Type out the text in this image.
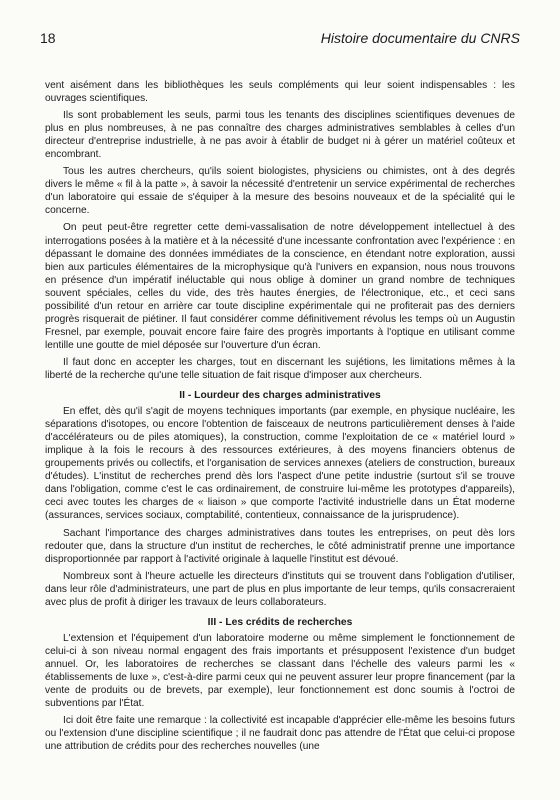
18	Histoire documentaire du CNRS

vent aisément dans les bibliothèques les seuls compléments qui leur soient indispensables : les ouvrages scientifiques.

Ils sont probablement les seuls, parmi tous les tenants des disciplines scientifiques devenues de plus en plus nombreuses, à ne pas connaître des charges administratives semblables à celles d'un directeur d'entreprise industrielle, à ne pas avoir à établir de budget ni à gérer un matériel coûteux et encombrant.

Tous les autres chercheurs, qu'ils soient biologistes, physiciens ou chimistes, ont à des degrés divers le même « fil à la patte », à savoir la nécessité d'entretenir un service expérimental de recherches d'un laboratoire qui essaie de s'équiper à la mesure des besoins nouveaux et de la spécialité qui le concerne.

On peut peut-être regretter cette demi-vassalisation de notre développement intellectuel à des interrogations posées à la matière et à la nécessité d'une incessante confrontation avec l'expérience : en dépassant le domaine des données immédiates de la conscience, en étendant notre exploration, aussi bien aux particules élémentaires de la microphysique qu'à l'univers en expansion, nous nous trouvons en présence d'un impératif inéluctable qui nous oblige à dominer un grand nombre de techniques souvent spéciales, celles du vide, des très hautes énergies, de l'électronique, etc., et ceci sans possibilité d'un retour en arrière car toute discipline expérimentale qui ne profiterait pas des derniers progrès risquerait de piétiner. Il faut considérer comme définitivement révolus les temps où un Augustin Fresnel, par exemple, pouvait encore faire faire des progrès importants à l'optique en utilisant comme lentille une goutte de miel déposée sur l'ouverture d'un écran.

Il faut donc en accepter les charges, tout en discernant les sujétions, les limitations mêmes à la liberté de la recherche qu'une telle situation de fait risque d'imposer aux chercheurs.

II - Lourdeur des charges administratives

En effet, dès qu'il s'agit de moyens techniques importants (par exemple, en physique nucléaire, les séparations d'isotopes, ou encore l'obtention de faisceaux de neutrons particulièrement denses à l'aide d'accélérateurs ou de piles atomiques), la construction, comme l'exploitation de ce « matériel lourd » implique à la fois le recours à des ressources extérieures, à des moyens financiers obtenus de groupements privés ou collectifs, et l'organisation de services annexes (ateliers de construction, bureaux d'études). L'institut de recherches prend dès lors l'aspect d'une petite industrie (surtout s'il se trouve dans l'obligation, comme c'est le cas ordinairement, de construire lui-même les prototypes d'appareils), ceci avec toutes les charges de « liaison » que comporte l'activité industrielle dans un État moderne (assurances, services sociaux, comptabilité, contentieux, connaissance de la jurisprudence).

Sachant l'importance des charges administratives dans toutes les entreprises, on peut dès lors redouter que, dans la structure d'un institut de recherches, le côté administratif prenne une importance disproportionnée par rapport à l'activité originale à laquelle l'institut est dévoué.

Nombreux sont à l'heure actuelle les directeurs d'instituts qui se trouvent dans l'obligation d'utiliser, dans leur rôle d'administrateurs, une part de plus en plus importante de leur temps, qu'ils consacreraient avec plus de profit à diriger les travaux de leurs collaborateurs.

III - Les crédits de recherches

L'extension et l'équipement d'un laboratoire moderne ou même simplement le fonctionnement de celui-ci à son niveau normal engagent des frais importants et présupposent l'existence d'un budget annuel. Or, les laboratoires de recherches se classant dans l'échelle des valeurs parmi les « établissements de luxe », c'est-à-dire parmi ceux qui ne peuvent assurer leur propre financement (par la vente de produits ou de brevets, par exemple), leur fonctionnement est donc soumis à l'octroi de subventions par l'État.

Ici doit être faite une remarque : la collectivité est incapable d'apprécier elle-même les besoins futurs ou l'extension d'une discipline scientifique ; il ne faudrait donc pas attendre de l'État que celui-ci propose une attribution de crédits pour des recherches nouvelles (une
